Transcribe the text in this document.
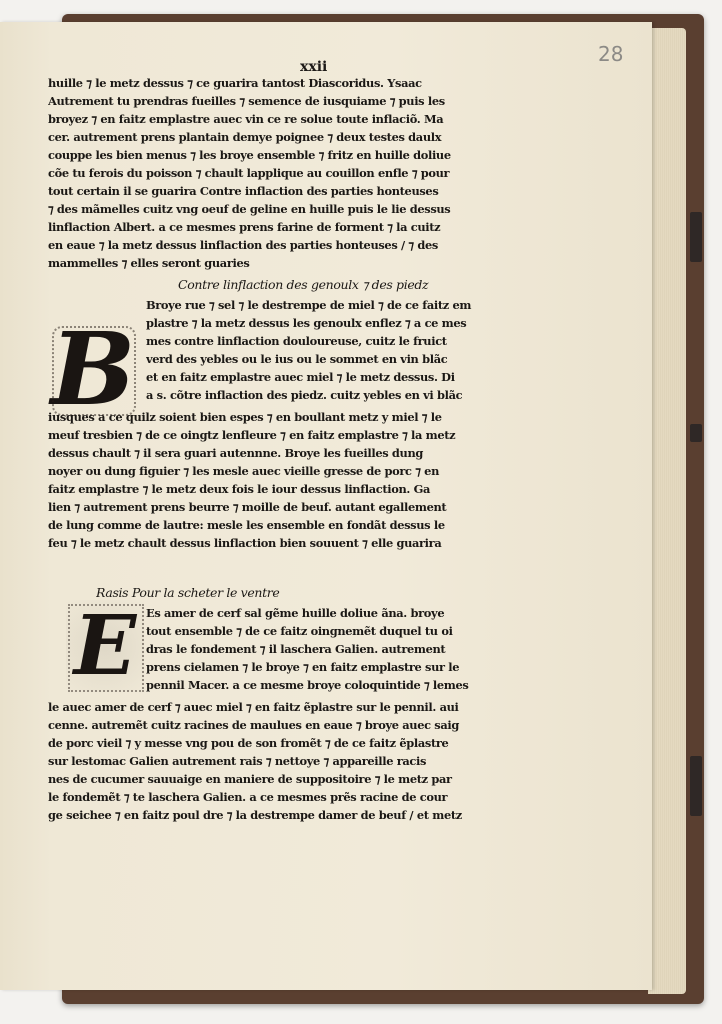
28
xxii
B
E
huille ⁊ le metz dessus ⁊ ce guarira tantost Diascoridus. Ysaac
Autrement tu prendras fueilles ⁊ semence de iusquiame ⁊ puis les
broyez ⁊ en faitz emplastre auec vin ce re solue toute inflaciõ. Ma
cer. autrement prens plantain demye poignee ⁊ deux testes daulx
couppe les bien menus ⁊ les broye ensemble ⁊ fritz en huille doliue
cõe tu ferois du poisson ⁊ chault lapplique au couillon enfle ⁊ pour
tout certain il se guarira Contre inflaction des parties honteuses
⁊ des mãmelles cuitz vng oeuf de geline en huille puis le lie dessus
linflaction Albert. a ce mesmes prens farine de forment ⁊ la cuitz
en eaue ⁊ la metz dessus linflaction des parties honteuses / ⁊ des
mammelles ⁊ elles seront guaries
Contre linflaction des genoulx ⁊ des piedz
Broye rue ⁊ sel ⁊ le destrempe de miel ⁊ de ce faitz em
plastre ⁊ la metz dessus les genoulx enflez ⁊ a ce mes
mes contre linflaction douloureuse, cuitz le fruict
verd des yebles ou le ius ou le sommet en vin blãc
et en faitz emplastre auec miel ⁊ le metz dessus. Di
a s. cõtre inflaction des piedz. cuitz yebles en vi blãc
iusques a ce quilz soient bien espes ⁊ en boullant metz y miel ⁊ le
meuf tresbien ⁊ de ce oingtz lenfleure ⁊ en faitz emplastre ⁊ la metz
dessus chault ⁊ il sera guari autennne. Broye les fueilles dung
noyer ou dung figuier ⁊ les mesle auec vieille gresse de porc ⁊ en
faitz emplastre ⁊ le metz deux fois le iour dessus linflaction. Ga
lien ⁊ autrement prens beurre ⁊ moille de beuf. autant egallement
de lung comme de lautre: mesle les ensemble en fondãt dessus le
feu ⁊ le metz chault dessus linflaction bien souuent ⁊ elle guarira
Rasis Pour la scheter le ventre
Es amer de cerf sal gẽme huille doliue ãna. broye
tout ensemble ⁊ de ce faitz oingnemẽt duquel tu oi
dras le fondement ⁊ il laschera Galien. autrement
prens cielamen ⁊ le broye ⁊ en faitz emplastre sur le
pennil Macer. a ce mesme broye coloquintide ⁊ lemes
le auec amer de cerf ⁊ auec miel ⁊ en faitz ẽplastre sur le pennil. aui
cenne. autremẽt cuitz racines de maulues en eaue ⁊ broye auec saig
de porc vieil ⁊ y messe vng pou de son fromẽt ⁊ de ce faitz ẽplastre
sur lestomac Galien autrement rais ⁊ nettoye ⁊ appareille racis
nes de cucumer sauuaige en maniere de suppositoire ⁊ le metz par
le fondemẽt ⁊ te laschera Galien. a ce mesmes prẽs racine de cour
ge seichee ⁊ en faitz poul dre ⁊ la destrempe damer de beuf / et metz
